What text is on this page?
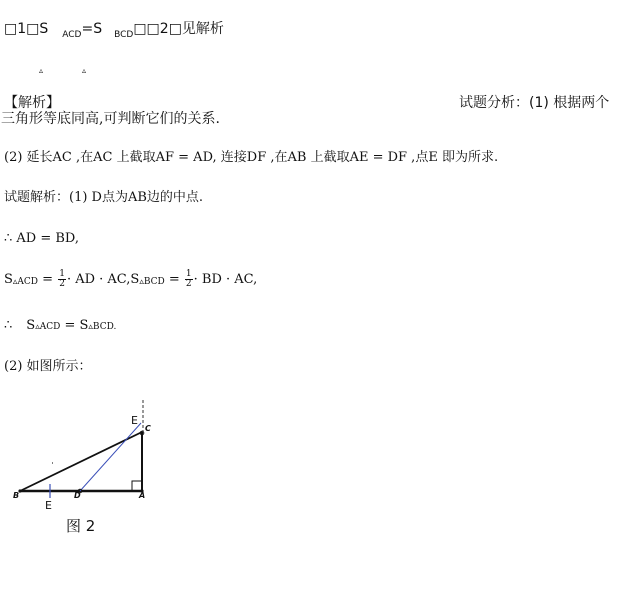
□1□S $_{ACD}$=S $_{BCD}$□□2□见解析
▵	▵
【解析】	试题分析：(1) 根据两个
三角形等底同高,可判断它们的关系.
(2) 延长AC ,在AC 上截取AF = AD, 连接DF ,在AB 上截取AE = DF ,点E 即为所求.
试题解析：(1) D点为AB边的中点.
∴ AD = BD,
S ▵ACD = $\frac{1}{2}$ · AD · AC,S ▵BCD = $\frac{1}{2}$ · BD · AC,
∴ S ▵ACD = S ▵BCD.
(2) 如图所示：
B	D	A
E
E
C
图 2
